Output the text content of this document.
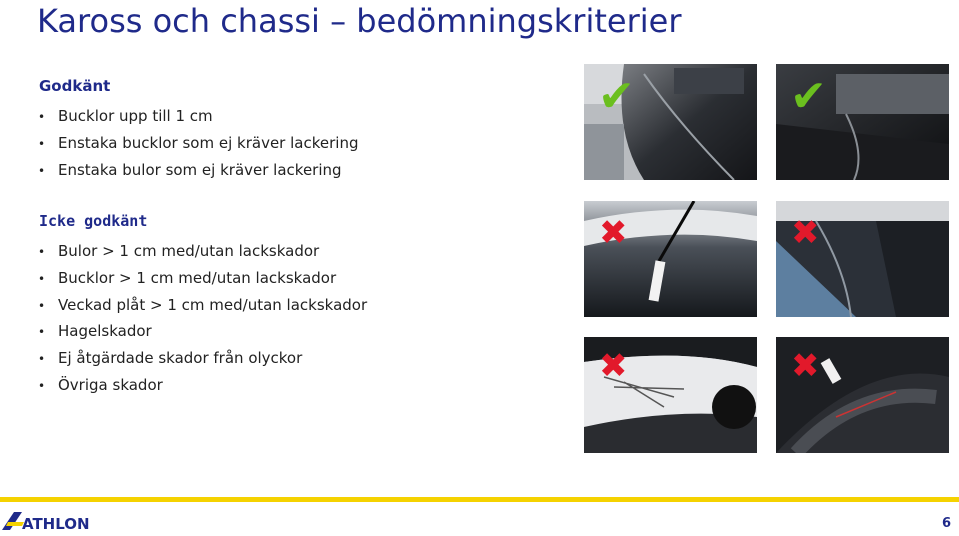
Kaross och chassi – bedömningskriterier
Godkänt
• Bucklor upp till 1 cm
• Enstaka bucklor som ej kräver lackering
• Enstaka bulor som ej kräver lackering
Icke godkänt
• Bulor > 1 cm med/utan lackskador
• Bucklor > 1 cm med/utan lackskador
• Veckad plåt > 1 cm med/utan lackskador
• Hagelskador
• Ej åtgärdade skador från olyckor
• Övriga skador
✔	✔
✖	✖
✖	✖
ATHLON	6
